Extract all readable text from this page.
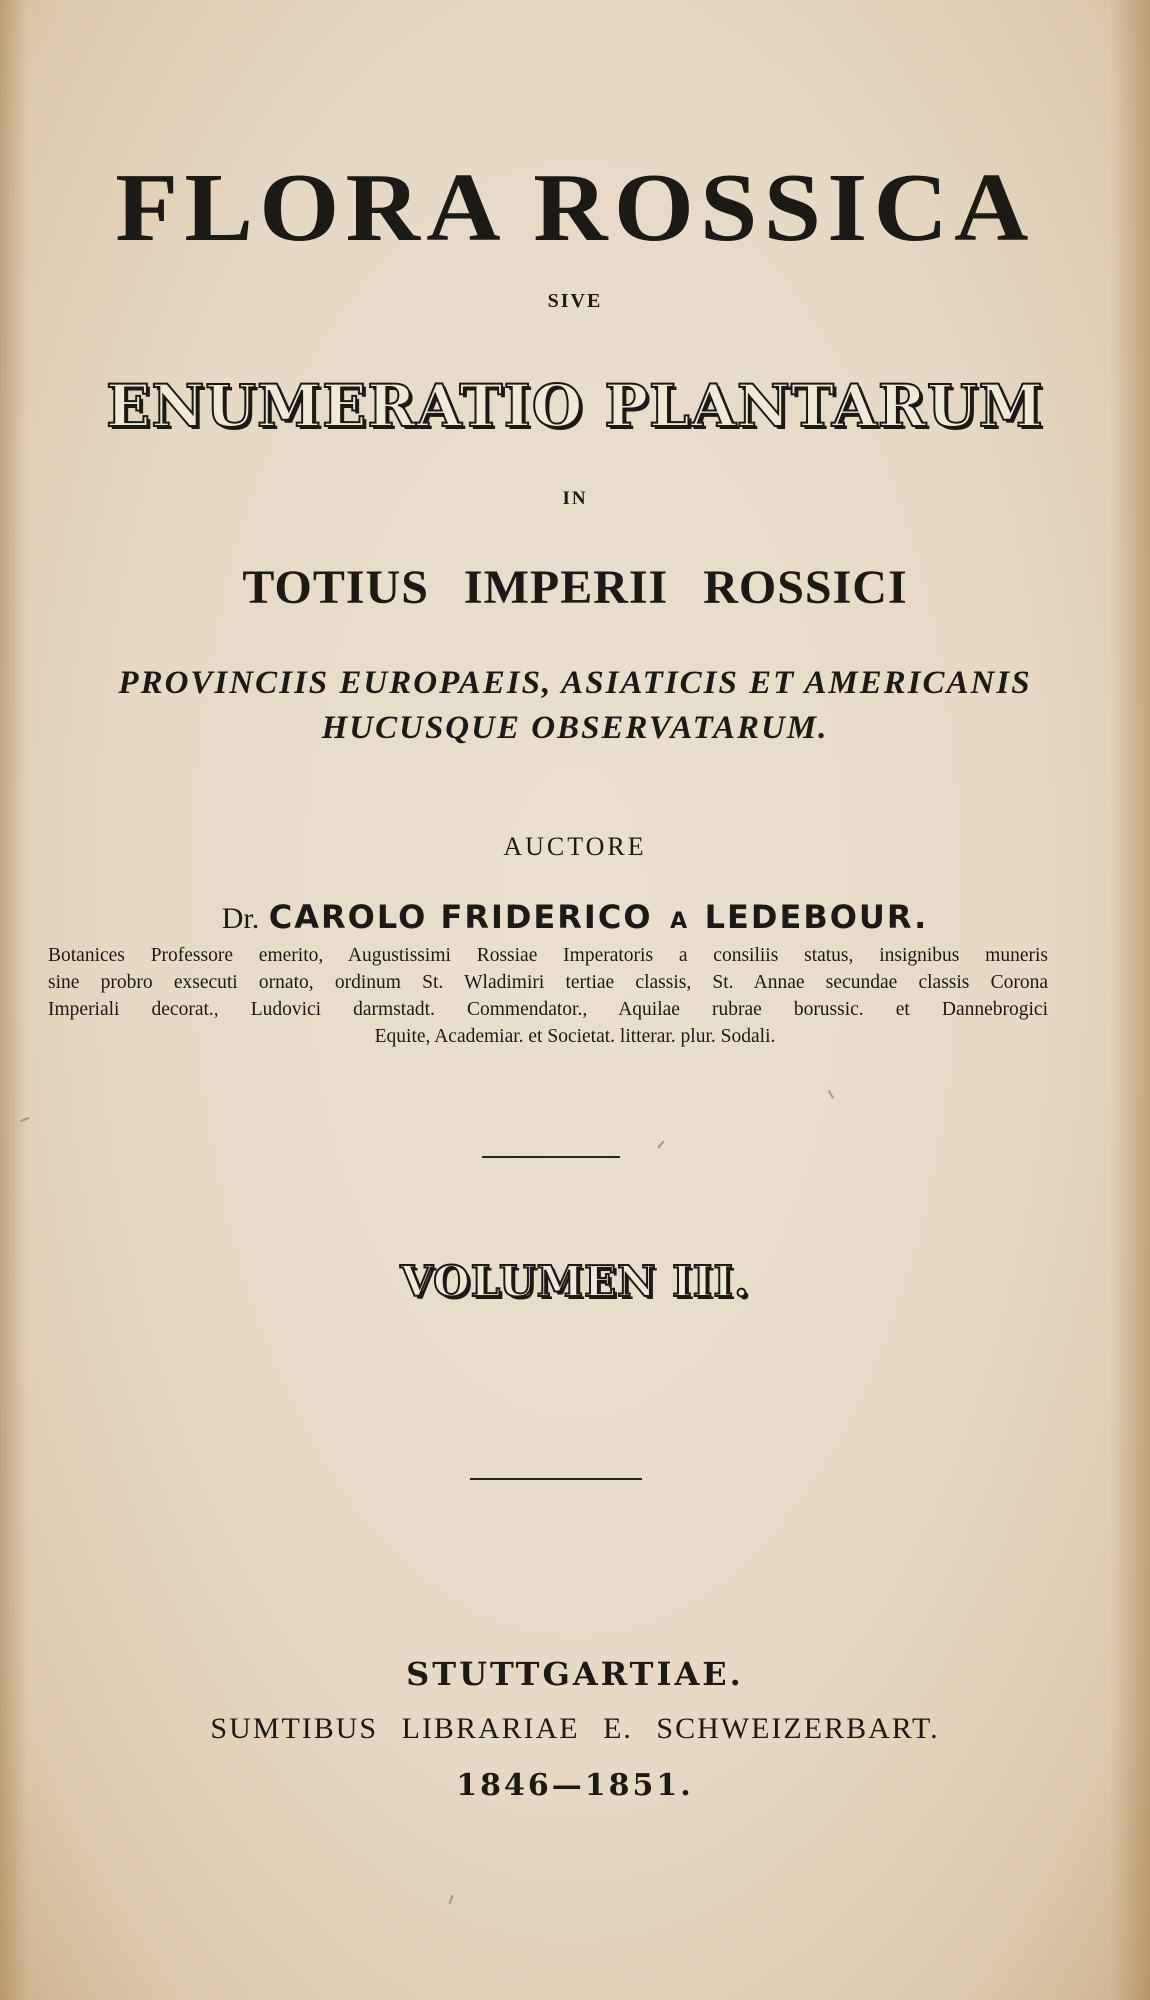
FLORA ROSSICA
SIVE
ENUMERATIO PLANTARUM
IN
TOTIUS IMPERII ROSSICI
PROVINCIIS EUROPAEIS, ASIATICIS ET AMERICANIS
HUCUSQUE OBSERVATARUM.
AUCTORE
Dr. CAROLO FRIDERICO A LEDEBOUR.
Botanices Professore emerito, Augustissimi Rossiae Imperatoris a consiliis status, insignibus muneris
sine probro exsecuti ornato, ordinum St. Wladimiri tertiae classis, St. Annae secundae classis Corona
Imperiali decorat., Ludovici darmstadt. Commendator., Aquilae rubrae borussic. et Dannebrogici
Equite, Academiar. et Societat. litterar. plur. Sodali.
VOLUMEN III.
STUTTGARTIAE.
SUMTIBUS LIBRARIAE E. SCHWEIZERBART.
1846—1851.
